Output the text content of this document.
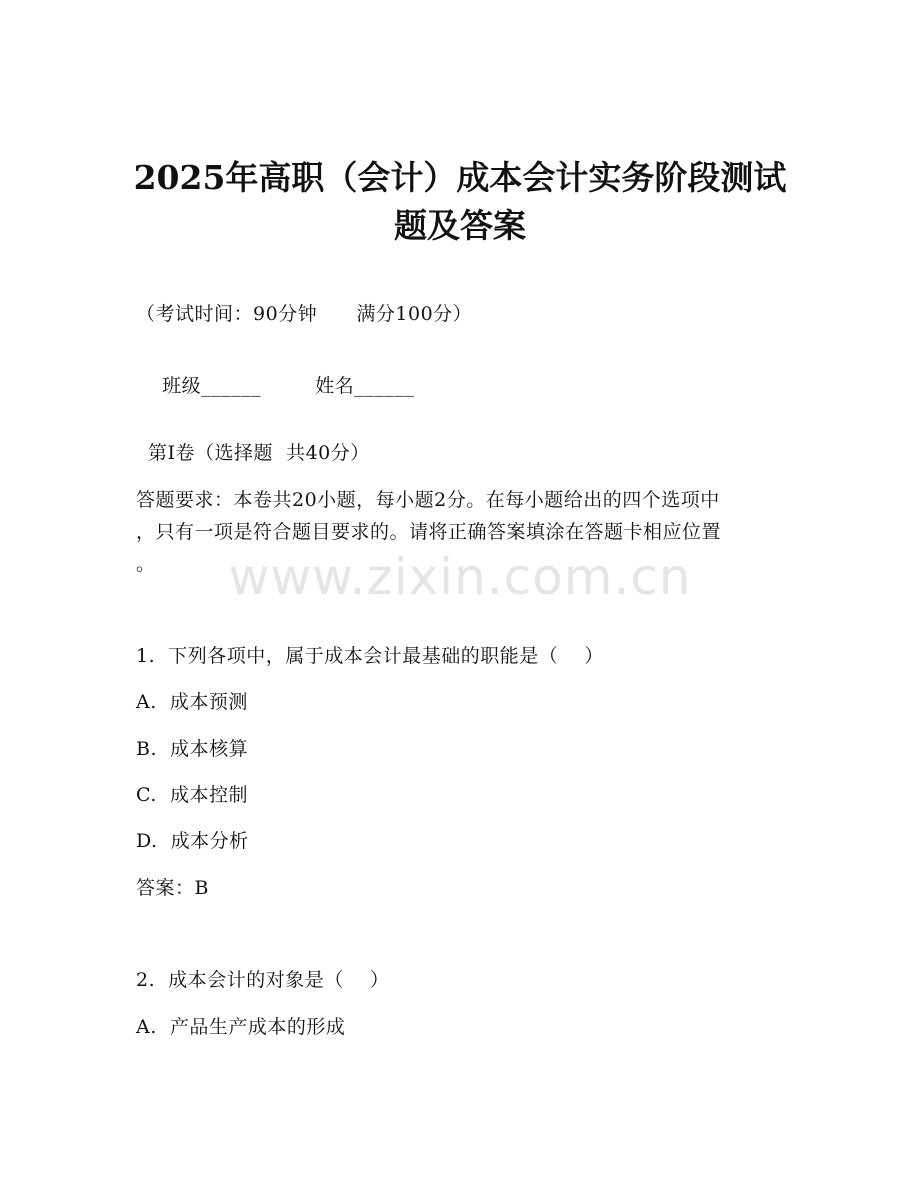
2025年高职（会计）成本会计实务阶段测试
题及答案
（考试时间：90分钟      满分100分）

班级______	姓名______

第Ⅰ卷（选择题  共40分）
答题要求：本卷共20小题，每小题2分。在每小题给出的四个选项中
，只有一项是符合题目要求的。请将正确答案填涂在答题卡相应位置
。	www.zixin.com.cn
1.  下列各项中，属于成本会计最基础的职能是（    ）
A.  成本预测
B.  成本核算
C.  成本控制
D.  成本分析
答案：B
2.  成本会计的对象是（    ）
A.  产品生产成本的形成
